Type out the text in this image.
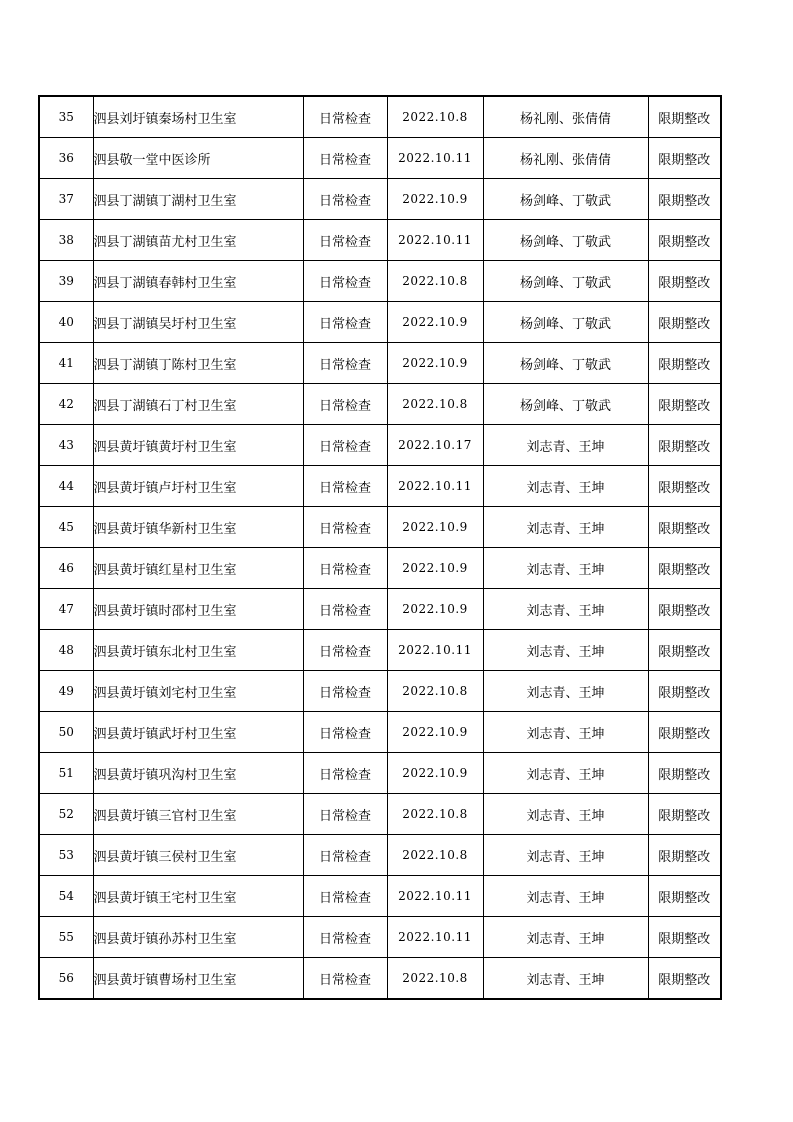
35	泗县刘圩镇秦场村卫生室	日常检查	2022.10.8	杨礼刚、张倩倩	限期整改
36	泗县敬一堂中医诊所	日常检查	2022.10.11	杨礼刚、张倩倩	限期整改
37	泗县丁湖镇丁湖村卫生室	日常检查	2022.10.9	杨剑峰、丁敬武	限期整改
38	泗县丁湖镇苗尤村卫生室	日常检查	2022.10.11	杨剑峰、丁敬武	限期整改
39	泗县丁湖镇春韩村卫生室	日常检查	2022.10.8	杨剑峰、丁敬武	限期整改
40	泗县丁湖镇吴圩村卫生室	日常检查	2022.10.9	杨剑峰、丁敬武	限期整改
41	泗县丁湖镇丁陈村卫生室	日常检查	2022.10.9	杨剑峰、丁敬武	限期整改
42	泗县丁湖镇石丁村卫生室	日常检查	2022.10.8	杨剑峰、丁敬武	限期整改
43	泗县黄圩镇黄圩村卫生室	日常检查	2022.10.17	刘志青、王坤	限期整改
44	泗县黄圩镇卢圩村卫生室	日常检查	2022.10.11	刘志青、王坤	限期整改
45	泗县黄圩镇华新村卫生室	日常检查	2022.10.9	刘志青、王坤	限期整改
46	泗县黄圩镇红星村卫生室	日常检查	2022.10.9	刘志青、王坤	限期整改
47	泗县黄圩镇时邵村卫生室	日常检查	2022.10.9	刘志青、王坤	限期整改
48	泗县黄圩镇东北村卫生室	日常检查	2022.10.11	刘志青、王坤	限期整改
49	泗县黄圩镇刘宅村卫生室	日常检查	2022.10.8	刘志青、王坤	限期整改
50	泗县黄圩镇武圩村卫生室	日常检查	2022.10.9	刘志青、王坤	限期整改
51	泗县黄圩镇巩沟村卫生室	日常检查	2022.10.9	刘志青、王坤	限期整改
52	泗县黄圩镇三官村卫生室	日常检查	2022.10.8	刘志青、王坤	限期整改
53	泗县黄圩镇三侯村卫生室	日常检查	2022.10.8	刘志青、王坤	限期整改
54	泗县黄圩镇王宅村卫生室	日常检查	2022.10.11	刘志青、王坤	限期整改
55	泗县黄圩镇孙苏村卫生室	日常检查	2022.10.11	刘志青、王坤	限期整改
56	泗县黄圩镇曹场村卫生室	日常检查	2022.10.8	刘志青、王坤	限期整改
